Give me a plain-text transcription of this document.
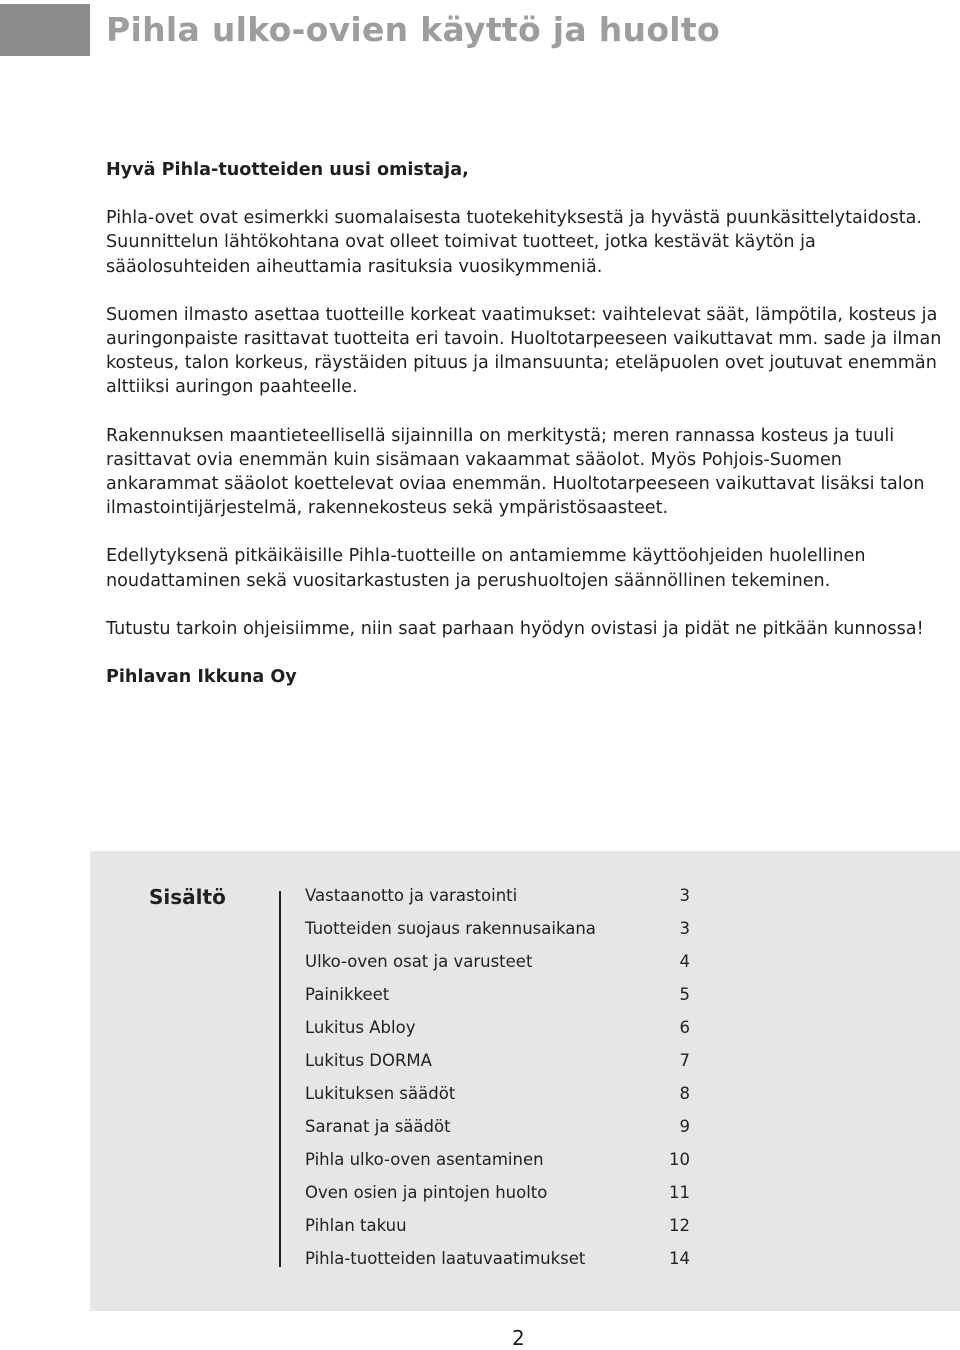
Pihla ulko-ovien käyttö ja huolto

Hyvä Pihla-tuotteiden uusi omistaja,

Pihla-ovet ovat esimerkki suomalaisesta tuotekehityksestä ja hyvästä puunkäsittelytaidosta. Suunnittelun lähtökohtana ovat olleet toimivat tuotteet, jotka kestävät käytön ja sääolosuhteiden aiheuttamia rasituksia vuosikymmeniä.

Suomen ilmasto asettaa tuotteille korkeat vaatimukset: vaihtelevat säät, lämpötila, kosteus ja auringonpaiste rasittavat tuotteita eri tavoin. Huoltotarpeeseen vaikuttavat mm. sade ja ilman kosteus, talon korkeus, räystäiden pituus ja ilmansuunta; eteläpuolen ovet joutuvat enemmän alttiiksi auringon paahteelle.

Rakennuksen maantieteellisellä sijainnilla on merkitystä; meren rannassa kosteus ja tuuli rasittavat ovia enemmän kuin sisämaan vakaammat sääolot. Myös Pohjois-Suomen ankarammat sääolot koettelevat oviaa enemmän. Huoltotarpeeseen vaikuttavat lisäksi talon ilmastointijärjestelmä, rakennekosteus sekä ympäristösaasteet.

Edellytyksenä pitkäikäisille Pihla-tuotteille on antamiemme käyttöohjeiden huolellinen noudattaminen sekä vuositarkastusten ja perushuoltojen säännöllinen tekeminen.

Tutustu tarkoin ohjeisiimme, niin saat parhaan hyödyn ovistasi ja pidät ne pitkään kunnossa!

Pihlavan Ikkuna Oy

Sisältö	Vastaanotto ja varastointi	3
Tuotteiden suojaus rakennusaikana	3
Ulko-oven osat ja varusteet	4
Painikkeet	5
Lukitus Abloy	6
Lukitus DORMA	7
Lukituksen säädöt	8
Saranat ja säädöt	9
Pihla ulko-oven asentaminen	10
Oven osien ja pintojen huolto	11
Pihlan takuu	12
Pihla-tuotteiden laatuvaatimukset	14
2
